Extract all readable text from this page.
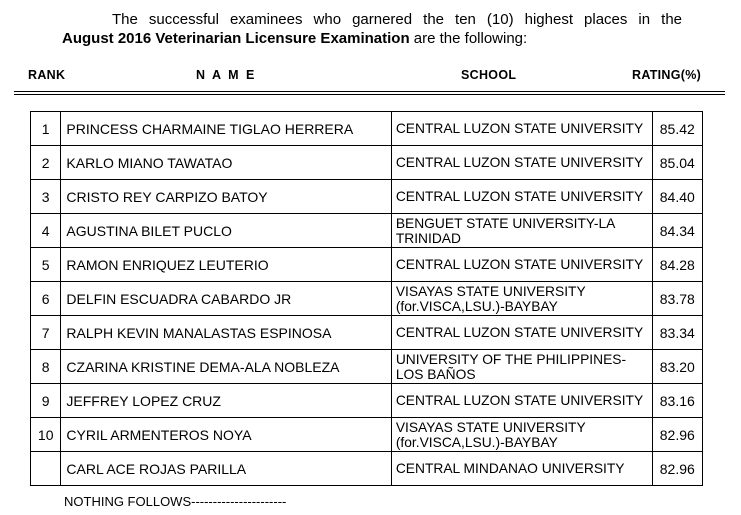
The successful examinees who garnered the ten (10) highest places in the
August 2016 Veterinarian Licensure Examination are the following:
RANK	N A M E	SCHOOL	RATING(%)
1	PRINCESS CHARMAINE TIGLAO HERRERA	CENTRAL LUZON STATE UNIVERSITY	85.42
2	KARLO MIANO TAWATAO	CENTRAL LUZON STATE UNIVERSITY	85.04
3	CRISTO REY CARPIZO BATOY	CENTRAL LUZON STATE UNIVERSITY	84.40
4	AGUSTINA BILET PUCLO	BENGUET STATE UNIVERSITY-LA TRINIDAD	84.34
5	RAMON ENRIQUEZ LEUTERIO	CENTRAL LUZON STATE UNIVERSITY	84.28
6	DELFIN ESCUADRA CABARDO JR	VISAYAS STATE UNIVERSITY (for.VISCA,LSU.)-BAYBAY	83.78
7	RALPH KEVIN MANALASTAS ESPINOSA	CENTRAL LUZON STATE UNIVERSITY	83.34
8	CZARINA KRISTINE DEMA-ALA NOBLEZA	UNIVERSITY OF THE PHILIPPINES-LOS BAÑOS	83.20
9	JEFFREY LOPEZ CRUZ	CENTRAL LUZON STATE UNIVERSITY	83.16
10	CYRIL ARMENTEROS NOYA	VISAYAS STATE UNIVERSITY (for.VISCA,LSU.)-BAYBAY	82.96
	CARL ACE ROJAS PARILLA	CENTRAL MINDANAO UNIVERSITY	82.96
NOTHING FOLLOWS----------------------
